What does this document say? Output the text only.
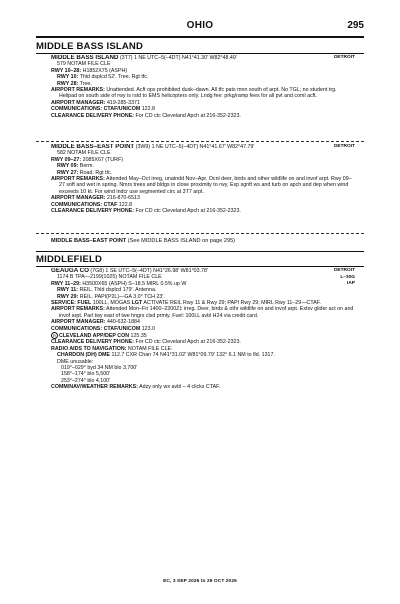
OHIO	295
MIDDLE BASS ISLAND
DETROIT
MIDDLE BASS ISLAND (3T7) 1 NE UTC–5(–4DT) N41°41.30′ W82°48.49′
579 NOTAM FILE CLE
RWY 10–28: H1852X75 (ASPH)
RWY 10: Thld dsplcd 52′. Tree. Rgt tfc.
RWY 28: Tree.
AIRPORT REMARKS: Unattended. Acft ops prohibited dusk–dawn. All tfc pats mnn south of arpt. No TGL; no student trg. Helipad on south side of rwy is rstd to EMS helicopters only. Lndg fee: prkg/ramp fees for all pvt and coml acft.
AIRPORT MANAGER: 419-285-3371
COMMUNICATIONS: CTAF/UNICOM 122.8
CLEARANCE DELIVERY PHONE: For CD ctc Cleveland Apch at 216-352-2323.
DETROIT
MIDDLE BASS–EAST POINT (3W9) 1 NE UTC–5(–4DT) N41°41.67′ W82°47.79′
582 NOTAM FILE CLE
RWY 09–27: 2085X67 (TURF)
RWY 09: Berm.
RWY 27: Road. Rgt tfc.
AIRPORT REMARKS: Attended May–Oct irreg, unatndd Nov–Apr. Ocnl deer, birds and other wildlife on and invof arpt. Rwy 09–27 soft and wet in spring. Nmrs trees and bldgs in close proximity to rwy. Exp sgnft ws and turb on apch and dep when wind exceeds 10 kt. For wind indcr use segmented circ at 3T7 arpt.
AIRPORT MANAGER: 216-870-6513
COMMUNICATIONS: CTAF 122.8
CLEARANCE DELIVERY PHONE: For CD ctc Cleveland Apch at 216-352-2323.
MIDDLE BASS–EAST POINT (See MIDDLE BASS ISLAND on page 295)
MIDDLEFIELD
DETROIT
L–30G
IAP
GEAUGA CO (7G8) 1 SE UTC–5(–4DT) N41°26.98′ W81°03.78′
1174 B TPA—2199(1025) NOTAM FILE CLE
RWY 11–29: H3500X65 (ASPH) S–18.5 MIRL 0.5% up W
RWY 11: REIL. Thld dsplcd 179′. Antenna.
RWY 29: REIL. PAPI(P2L)—GA 3.0° TCH 23′.
SERVICE: FUEL 100LL, MOGAS LGT ACTIVATE REIL Rwy 11 & Rwy 29; PAPI Rwy 29; MIRL Rwy 11–29—CTAF.
AIRPORT REMARKS: Attended Mon–Fri 1400–2200Z‡ irreg. Deer, birds & othr wildlife on and invof arpt. Extsv glider act on and invof arpt. Parl twy east of twe hngrs clsd prmly. Fuel: 100LL avbl H24 via credit card.
AIRPORT MANAGER: 440-632-1884
COMMUNICATIONS: CTAF/UNICOM 123.0
R CLEVELAND APP/DEP CON 125.35
CLEARANCE DELIVERY PHONE: For CD ctc Cleveland Apch at 216-352-2323.
RADIO AIDS TO NAVIGATION: NOTAM FILE CLE.
CHARDON (DH) DME 112.7 CXR Chan 74 N41°31.02′ W81°09.79′ 132° 6.1 NM to fld. 1317.
DME unusable:
019°–029° byd 34 NM blo 3,700′
158°–174° blo 5,500′
253°–274° blo 4,100′
COMM/NAV/WEATHER REMARKS: Adzy only wx avbl – 4 clicks CTAF.
EC, 3 SEP 2026 to 29 OCT 2026
